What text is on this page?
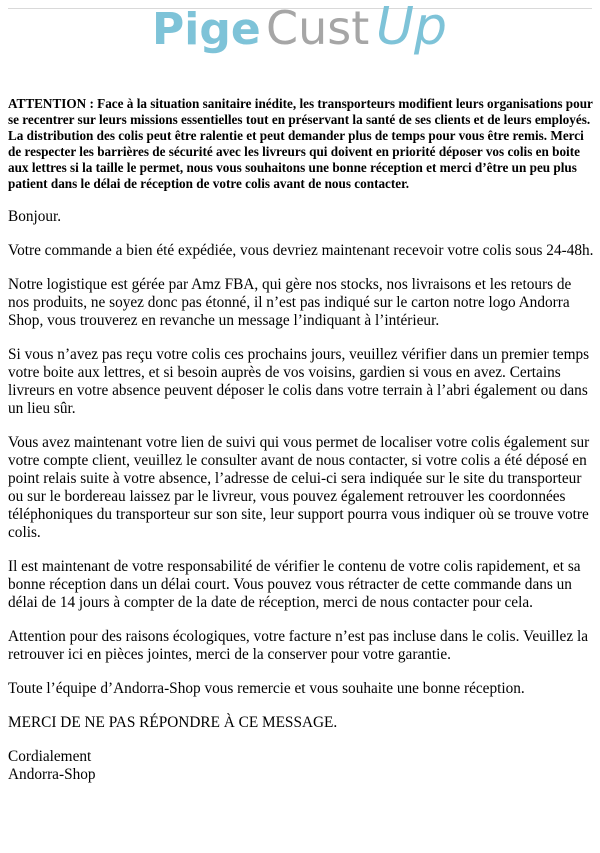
Pige Cust Up

ATTENTION : Face à la situation sanitaire inédite, les transporteurs modifient leurs organisations pour se recentrer sur leurs missions essentielles tout en préservant la santé de ses clients et de leurs employés. La distribution des colis peut être ralentie et peut demander plus de temps pour vous être remis. Merci de respecter les barrières de sécurité avec les livreurs qui doivent en priorité déposer vos colis en boite aux lettres si la taille le permet, nous vous souhaitons une bonne réception et merci d’être un peu plus patient dans le délai de réception de votre colis avant de nous contacter.

Bonjour.

Votre commande a bien été expédiée, vous devriez maintenant recevoir votre colis sous 24-48h.

Notre logistique est gérée par Amz FBA, qui gère nos stocks, nos livraisons et les retours de nos produits, ne soyez donc pas étonné, il n’est pas indiqué sur le carton notre logo Andorra Shop, vous trouverez en revanche un message l’indiquant à l’intérieur.

Si vous n’avez pas reçu votre colis ces prochains jours, veuillez vérifier dans un premier temps votre boite aux lettres, et si besoin auprès de vos voisins, gardien si vous en avez. Certains livreurs en votre absence peuvent déposer le colis dans votre terrain à l’abri également ou dans un lieu sûr.

Vous avez maintenant votre lien de suivi qui vous permet de localiser votre colis également sur votre compte client, veuillez le consulter avant de nous contacter, si votre colis a été déposé en point relais suite à votre absence, l’adresse de celui-ci sera indiquée sur le site du transporteur ou sur le bordereau laissez par le livreur, vous pouvez également retrouver les coordonnées téléphoniques du transporteur sur son site, leur support pourra vous indiquer où se trouve votre colis.

Il est maintenant de votre responsabilité de vérifier le contenu de votre colis rapidement, et sa bonne réception dans un délai court. Vous pouvez vous rétracter de cette commande dans un délai de 14 jours à compter de la date de réception, merci de nous contacter pour cela.

Attention pour des raisons écologiques, votre facture n’est pas incluse dans le colis. Veuillez la retrouver ici en pièces jointes, merci de la conserver pour votre garantie.

Toute l’équipe d’Andorra-Shop vous remercie et vous souhaite une bonne réception.

MERCI DE NE PAS RÉPONDRE À CE MESSAGE.

Cordialement
Andorra-Shop
